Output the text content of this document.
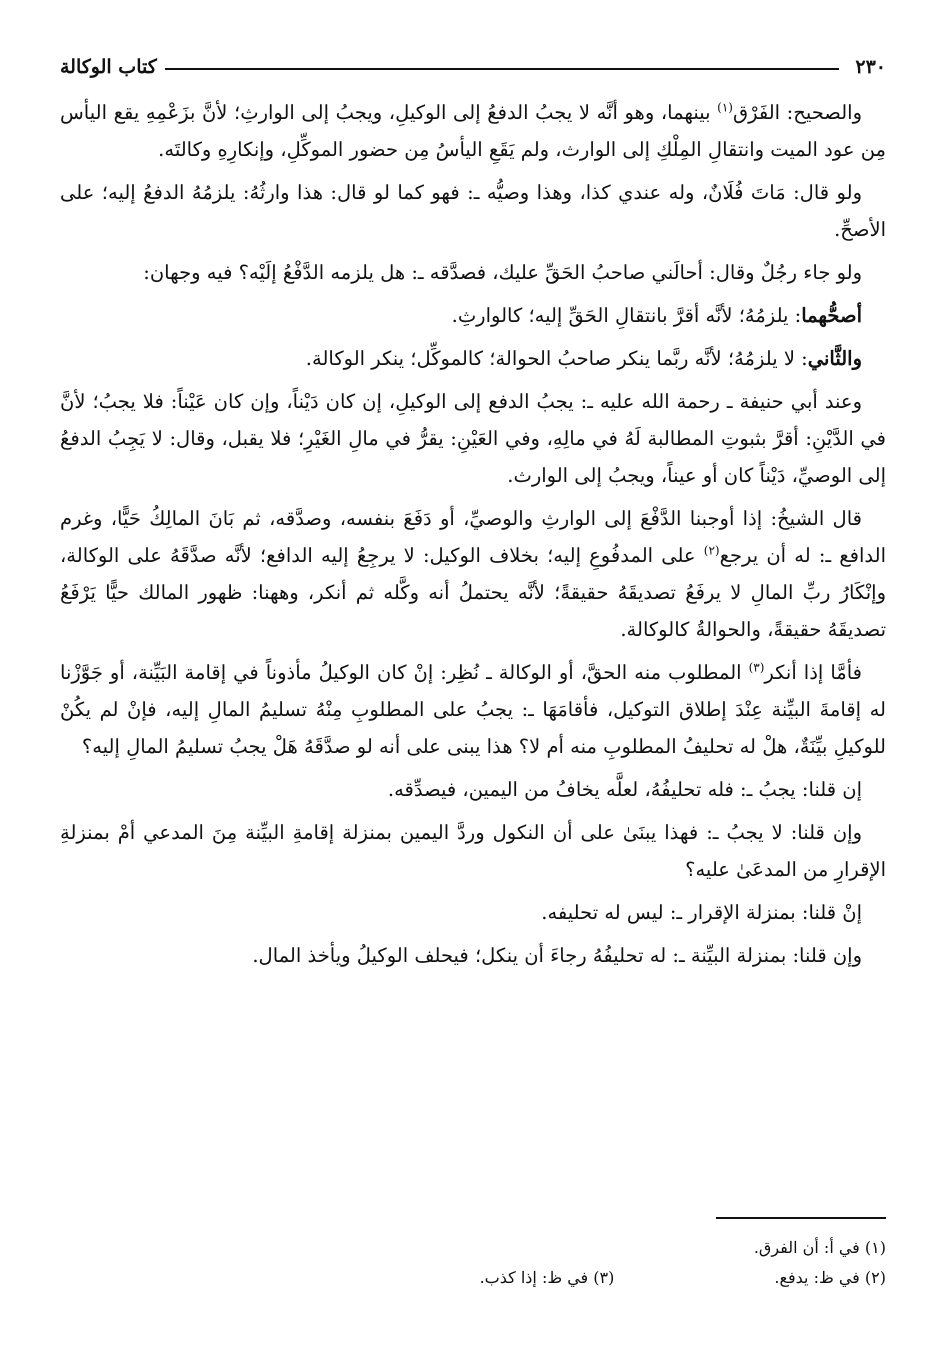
٢٣٠
كتاب الوكالة

والصحيح: الفَرْق$^{(١)}$ بينهما، وهو أنَّه لا يجبُ الدفعُ إلى الوكيلِ، ويجبُ إلى الوارثِ؛ لأنَّ بزَعْمِهِ يقع اليأس مِن عود الميت وانتقالِ المِلْكِ إلى الوارث، ولم يَقَعِ اليأسُ مِن حضور الموكِّلِ، وإنكارِهِ وكالتَه.

ولو قال: مَاتَ فُلَانٌ، وله عندي كذا، وهذا وصيُّه ـ: فهو كما لو قال: هذا وارثُهُ: يلزمُهُ الدفعُ إليه؛ على الأصحِّ.

ولو جاء رجُلٌ وقال: أحالَني صاحبُ الحَقِّ عليك، فصدَّقه ـ: هل يلزمه الدَّفْعُ إلَيْه؟ فيه وجهان:

أصحُّهما: يلزمُهُ؛ لأنَّه أقرَّ بانتقالِ الحَقِّ إليه؛ كالوارثِ.

والثَّاني: لا يلزمُهُ؛ لأنَّه ربَّما ينكر صاحبُ الحوالة؛ كالموكِّل؛ ينكر الوكالة.

وعند أبي حنيفة ـ رحمة الله عليه ـ: يجبُ الدفع إلى الوكيلِ، إن كان دَيْناً، وإن كان عَيْناً: فلا يجبُ؛ لأنَّ في الدَّيْنِ: أقرَّ بثبوتِ المطالبة لَهُ في مالِهِ، وفي العَيْنِ: يقرُّ في مالِ الغَيْرِ؛ فلا يقبل، وقال: لا يَجِبُ الدفعُ إلى الوصيِّ، دَيْناً كان أو عيناً، ويجبُ إلى الوارث.

قال الشيخُ: إذا أوجبنا الدَّفْعَ إلى الوارثِ والوصيِّ، أو دَفَعَ بنفسه، وصدَّقه، ثم بَانَ المالِكُ حَيًّا، وغرم الدافع ـ: له أن يرجع$^{(٢)}$ على المدفُوعِ إليه؛ بخلاف الوكيل: لا يرجِعُ إليه الدافع؛ لأنَّه صدَّقَهُ على الوكالة، وإنْكَارُ ربِّ المالِ لا يرفَعُ تصديقَهُ حقيقةً؛ لأنَّه يحتملُ أنه وكَّله ثم أنكر، وههنا: ظهور المالك حيًّا يَرْفَعُ تصديقَهُ حقيقةً، والحوالةُ كالوكالة.

فأمَّا إذا أنكر$^{(٣)}$ المطلوب منه الحقَّ، أو الوكالة ـ نُظِر: إنْ كان الوكيلُ مأذوناً في إقامة البَيِّنة، أو جَوَّزْنا له إقامةَ البيِّنة عِنْدَ إطلاق التوكيل، فأقامَهَا ـ: يجبُ على المطلوبِ مِنْهُ تسليمُ المالِ إليه، فإنْ لم يكُنْ للوكيلِ بيِّنَةٌ، هلْ له تحليفُ المطلوبِ منه أم لا؟ هذا يبنى على أنه لو صدَّقَهُ هَلْ يجبُ تسليمُ المالِ إليه؟

إن قلنا: يجبُ ـ: فله تحليفُهُ، لعلَّه يخافُ من اليمين، فيصدِّقه.

وإن قلنا: لا يجبُ ـ: فهذا يبنَىٰ على أن النكول وردَّ اليمين بمنزلة إقامةِ البيِّنة مِنَ المدعي أمْ بمنزلةِ الإقرارِ من المدعَىٰ عليه؟

إنْ قلنا: بمنزلة الإقرار ـ: ليس له تحليفه.

وإن قلنا: بمنزلة البيِّنة ـ: له تحليفُهُ رجاءَ أن ينكل؛ فيحلف الوكيلُ ويأخذ المال.

(١) في أ: أن الفرق.
(٢) في ظ: يدفع.
(٣) في ظ: إذا كذب.
